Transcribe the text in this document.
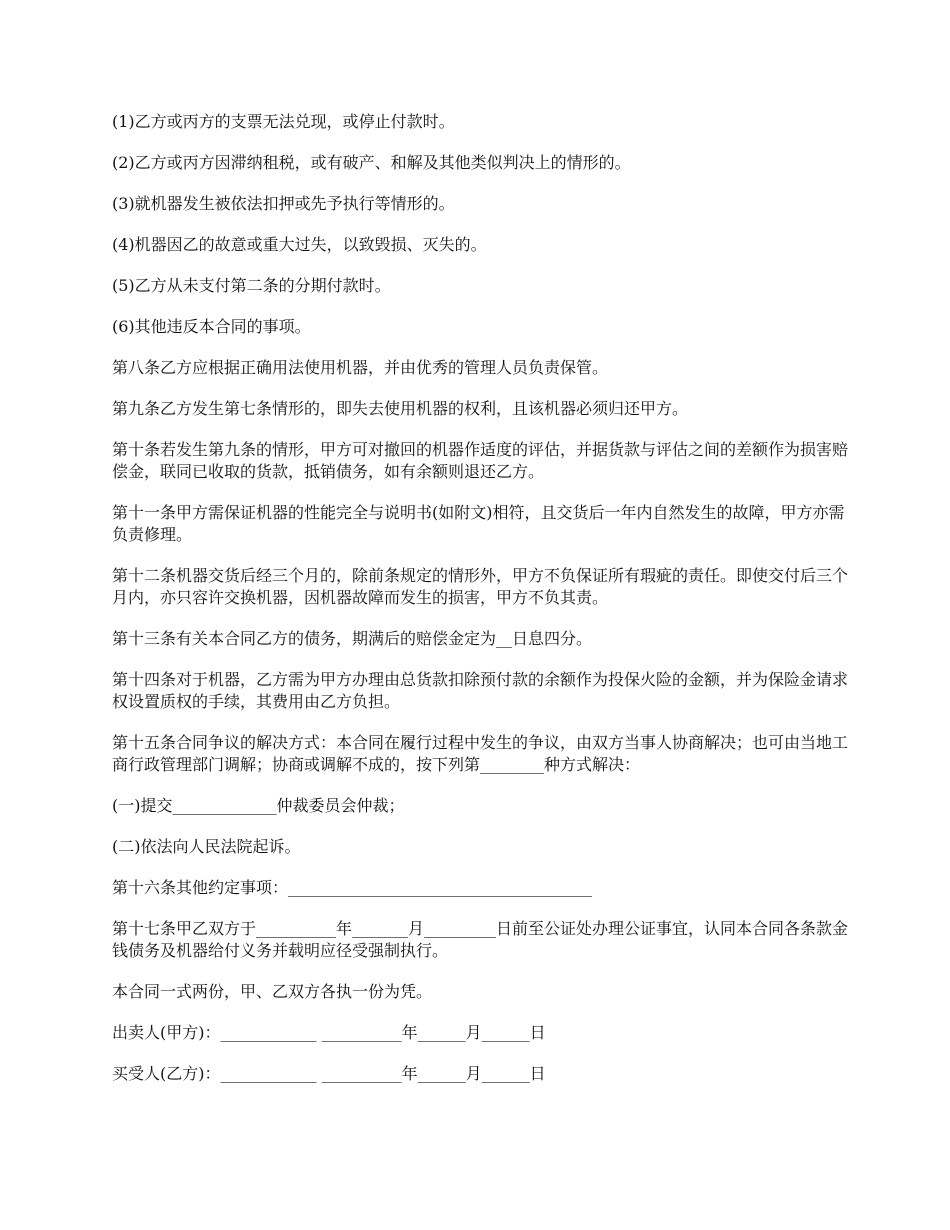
(1)乙方或丙方的支票无法兑现，或停止付款时。

(2)乙方或丙方因滞纳租税，或有破产、和解及其他类似判决上的情形的。

(3)就机器发生被依法扣押或先予执行等情形的。

(4)机器因乙的故意或重大过失，以致毁损、灭失的。

(5)乙方从未支付第二条的分期付款时。

(6)其他违反本合同的事项。

第八条乙方应根据正确用法使用机器，并由优秀的管理人员负责保管。

第九条乙方发生第七条情形的，即失去使用机器的权利，且该机器必须归还甲方。

第十条若发生第九条的情形，甲方可对撤回的机器作适度的评估，并据货款与评估之间的差额作为损害赔偿金，联同已收取的货款，抵销债务，如有余额则退还乙方。

第十一条甲方需保证机器的性能完全与说明书(如附文)相符，且交货后一年内自然发生的故障，甲方亦需负责修理。

第十二条机器交货后经三个月的，除前条规定的情形外，甲方不负保证所有瑕疵的责任。即使交付后三个月内，亦只容许交换机器，因机器故障而发生的损害，甲方不负其责。

第十三条有关本合同乙方的债务，期满后的赔偿金定为__日息四分。

第十四条对于机器，乙方需为甲方办理由总货款扣除预付款的余额作为投保火险的金额，并为保险金请求权设置质权的手续，其费用由乙方负担。

第十五条合同争议的解决方式：本合同在履行过程中发生的争议，由双方当事人协商解决；也可由当地工商行政管理部门调解；协商或调解不成的，按下列第________种方式解决：

(一)提交_____________仲裁委员会仲裁；

(二)依法向人民法院起诉。

第十六条其他约定事项：______________________________________

第十七条甲乙双方于__________年_______月_________日前至公证处办理公证事宜，认同本合同各条款金钱债务及机器给付义务并载明应径受强制执行。

本合同一式两份，甲、乙双方各执一份为凭。

出卖人(甲方)：____________ __________年______月______日

买受人(乙方)：____________ __________年______月______日
